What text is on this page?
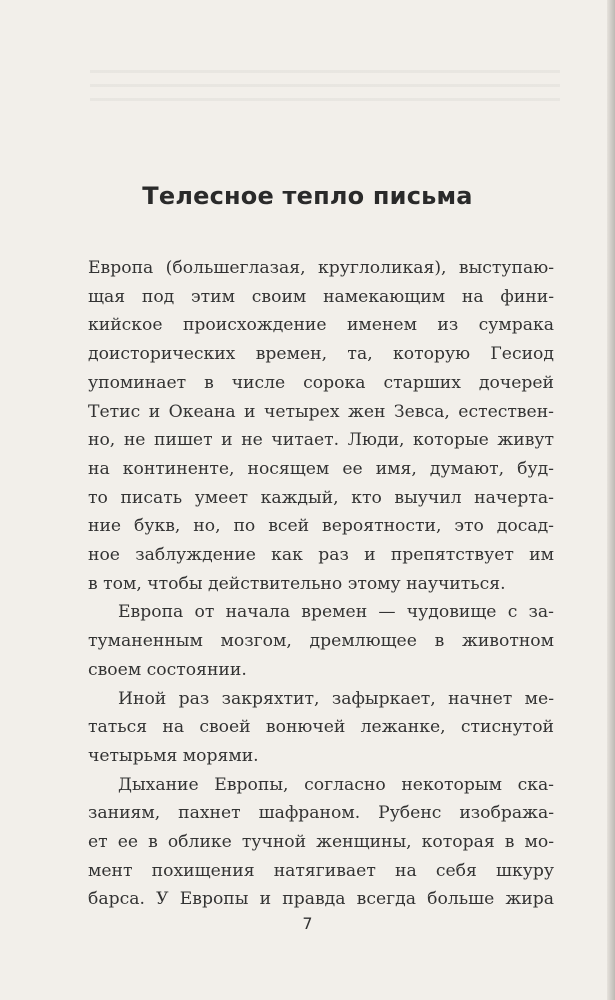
Телесное тепло письма
Европа (большеглазая, круглоликая), выступаю-
щая под этим своим намекающим на фини-
кийское происхождение именем из сумрака
доисторических времен, та, которую Гесиод
упоминает в числе сорока старших дочерей
Тетис и Океана и четырех жен Зевса, естествен-
но, не пишет и не читает. Люди, которые живут
на континенте, носящем ее имя, думают, буд-
то писать умеет каждый, кто выучил начерта-
ние букв, но, по всей вероятности, это досад-
ное заблуждение как раз и препятствует им
в том, чтобы действительно этому научиться.
Европа от начала времен — чудовище с за-
туманенным мозгом, дремлющее в животном
своем состоянии.
Иной раз закряхтит, зафыркает, начнет ме-
таться на своей вонючей лежанке, стиснутой
четырьмя морями.
Дыхание Европы, согласно некоторым ска-
заниям, пахнет шафраном. Рубенс изобража-
ет ее в облике тучной женщины, которая в мо-
мент похищения натягивает на себя шкуру
барса. У Европы и правда всегда больше жира
7
